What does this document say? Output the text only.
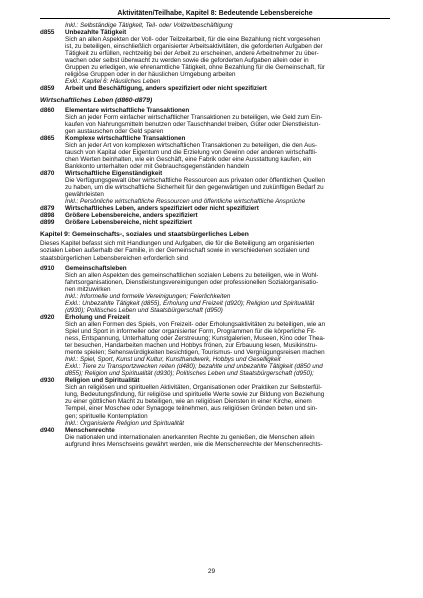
Aktivitäten/Teilhabe, Kapitel 8: Bedeutende Lebensbereiche
Inkl.: Selbständige Tätigkeit, Teil- oder Vollzeitbeschäftigung
d855	Unbezahlte Tätigkeit
Sich an allen Aspekten der Voll- oder Teilzeitarbeit, für die eine Bezahlung nicht vorgesehen
ist, zu beteiligen, einschließlich organisierter Arbeitsaktivitäten, die geforderten Aufgaben der
Tätigkeit zu erfüllen, rechtzeitig bei der Arbeit zu erscheinen, andere Arbeitnehmer zu über-
wachen oder selbst überwacht zu werden sowie die geforderten Aufgaben allein oder in
Gruppen zu erledigen, wie ehrenamtliche Tätigkeit, ohne Bezahlung für die Gemeinschaft, für
religiöse Gruppen oder in der häuslichen Umgebung arbeiten
Exkl.: Kapitel 6: Häusliches Leben
d859	Arbeit und Beschäftigung, anders spezifiziert oder nicht spezifiziert
Wirtschaftliches Leben (d860-d879)
d860	Elementare wirtschaftliche Transaktionen
Sich an jeder Form einfacher wirtschaftlicher Transaktionen zu beteiligen, wie Geld zum Ein-
kaufen von Nahrungsmitteln benutzen oder Tauschhandel treiben, Güter oder Dienstleistun-
gen austauschen oder Geld sparen
d865	Komplexe wirtschaftliche Transaktionen
Sich an jeder Art von komplexen wirtschaftlichen Transaktionen zu beteiligen, die den Aus-
tausch von Kapital oder Eigentum und die Erzielung von Gewinn oder anderen wirtschaftli-
chen Werten beinhalten, wie ein Geschäft, eine Fabrik oder eine Ausstattung kaufen, ein
Bankkonto unterhalten oder mit Gebrauchsgegenständen handeln
d870	Wirtschaftliche Eigenständigkeit
Die Verfügungsgewalt über wirtschaftliche Ressourcen aus privaten oder öffentlichen Quellen
zu haben, um die wirtschaftliche Sicherheit für den gegenwärtigen und zukünftigen Bedarf zu
gewährleisten
Inkl.: Persönliche wirtschaftliche Ressourcen und öffentliche wirtschaftliche Ansprüche
d879	Wirtschaftliches Leben, anders spezifiziert oder nicht spezifiziert
d898	Größere Lebensbereiche, anders spezifiziert
d899	Größere Lebensbereiche, nicht spezifiziert
Kapitel 9: Gemeinschafts-, soziales und staatsbürgerliches Leben
Dieses Kapitel befasst sich mit Handlungen und Aufgaben, die für die Beteiligung am organisierten
sozialen Leben außerhalb der Familie, in der Gemeinschaft sowie in verschiedenen sozialen und
staatsbürgerlichen Lebensbereichen erforderlich sind
d910	Gemeinschaftsleben
Sich an allen Aspekten des gemeinschaftlichen sozialen Lebens zu beteiligen, wie in Wohl-
fahrtsorganisationen, Dienstleistungsvereinigungen oder professionellen Sozialorganisatio-
nen mitzuwirken
Inkl.: Informelle und formelle Vereinigungen; Feierlichkeiten
Exkl.: Unbezahlte Tätigkeit (d855), Erholung und Freizeit (d920); Religion und Spiritualität
(d930); Politisches Leben und Staatsbürgerschaft (d950)
d920	Erholung und Freizeit
Sich an allen Formen des Spiels, von Freizeit- oder Erholungsaktivitäten zu beteiligen, wie an
Spiel und Sport in informeller oder organisierter Form, Programmen für die körperliche Fit-
ness, Entspannung, Unterhaltung oder Zerstreuung; Kunstgalerien, Museen, Kino oder Thea-
ter besuchen, Handarbeiten machen und Hobbys frönen, zur Erbauung lesen, Musikinstru-
mente spielen; Sehenswürdigkeiten besichtigen, Tourismus- und Vergnügungsreisen machen
Inkl.: Spiel, Sport, Kunst und Kultur, Kunsthandwerk, Hobbys und Geselligkeit
Exkl.: Tiere zu Transportzwecken reiten (d480); bezahlte und unbezahlte Tätigkeit (d850 und
d855); Religion und Spiritualität (d930); Politisches Leben und Staatsbürgerschaft (d950);
d930	Religion und Spiritualität
Sich an religiösen und spirituellen Aktivitäten, Organisationen oder Praktiken zur Selbsterfül-
lung, Bedeutungsfindung, für religiöse und spirituelle Werte sowie zur Bildung von Beziehung
zu einer göttlichen Macht zu beteiligen, wie an religiösen Diensten in einer Kirche, einem
Tempel, einer Moschee oder Synagoge teilnehmen, aus religiösen Gründen beten und sin-
gen; spirituelle Kontemplation
Inkl.: Organisierte Religion und Spiritualität
d940	Menschenrechte
Die nationalen und internationalen anerkannten Rechte zu genießen, die Menschen allein
aufgrund ihres Menschseins gewährt werden, wie die Menschenrechte der Menschenrechts-
29
